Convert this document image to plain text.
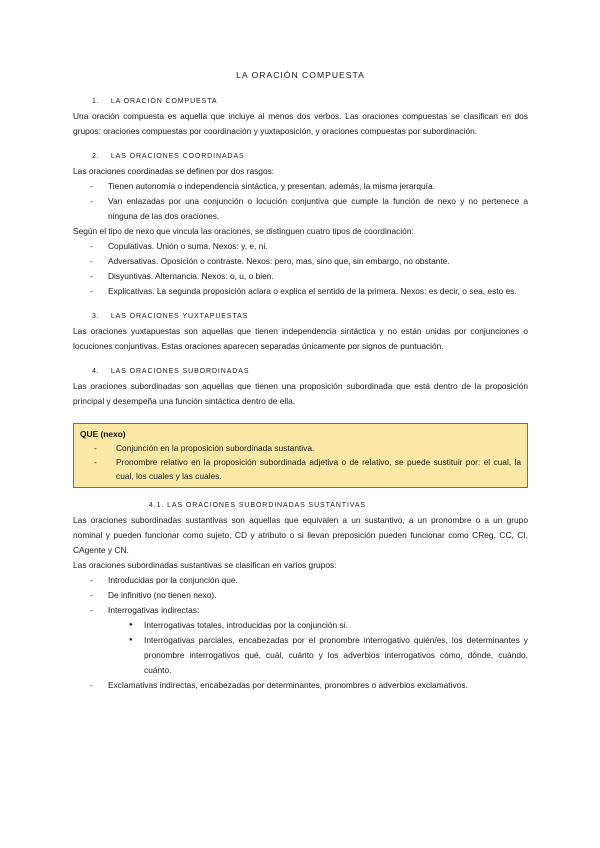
LA ORACIÓN COMPUESTA
1. LA ORACIÓN COMPUESTA

Una oración compuesta es aquella que incluye al menos dos verbos. Las oraciones compuestas se clasifican en dos grupos: oraciones compuestas por coordinación y yuxtaposición, y oraciones compuestas por subordinación.

2. LAS ORACIONES COORDINADAS

Las oraciones coordinadas se definen por dos rasgos:

- Tienen autonomía o independencia sintáctica, y presentan, además, la misma jerarquía.
- Van enlazadas por una conjunción o locución conjuntiva que cumple la función de nexo y no pertenece a ninguna de las dos oraciones.

Según el tipo de nexo que vincula las oraciones, se distinguen cuatro tipos de coordinación:

- Copulativas. Unión o suma. Nexos: y, e, ni.
- Adversativas. Oposición o contraste. Nexos: pero, mas, sino que, sin embargo, no obstante.
- Disyuntivas. Alternancia. Nexos: o, u, o bien.
- Explicativas. La segunda proposición aclara o explica el sentido de la primera. Nexos: es decir, o sea, esto es.
3. LAS ORACIONES YUXTAPUESTAS

Las oraciones yuxtapuestas son aquellas que tienen independencia sintáctica y no están unidas por conjunciones o locuciones conjuntivas. Estas oraciones aparecen separadas únicamente por signos de puntuación.

4. LAS ORACIONES SUBORDINADAS

Las oraciones subordinadas son aquellas que tienen una proposición subordinada que está dentro de la proposición principal y desempeña una función sintáctica dentro de ella.

QUE (nexo)
- Conjunción en la proposición subordinada sustantiva.
- Pronombre relativo en la proposición subordinada adjetiva o de relativo, se puede sustituir por: el cual, la cual, los cuales y las cuales.
4.1. LAS ORACIONES SUBORDINADAS SUSTANTIVAS

Las oraciones subordinadas sustantivas son aquellas que equivalen a un sustantivo, a un pronombre o a un grupo nominal y pueden funcionar como sujeto, CD y atributo o si llevan preposición pueden funcionar como CReg, CC, CI, CAgente y CN.

Las oraciones subordinadas sustantivas se clasifican en varios grupos:

- Introducidas por la conjunción que.
- De infinitivo (no tienen nexo).
- Interrogativas indirectas:
● Interrogativas totales, introducidas por la conjunción si.
● Interrogativas parciales, encabezadas por el pronombre interrogativo quién/es, los determinantes y pronombre interrogativos qué, cuál, cuánto y los adverbios interrogativos cómo, dónde, cuándo, cuánto.
- Exclamativas indirectas, encabezadas por determinantes, pronombres o adverbios exclamativos.
